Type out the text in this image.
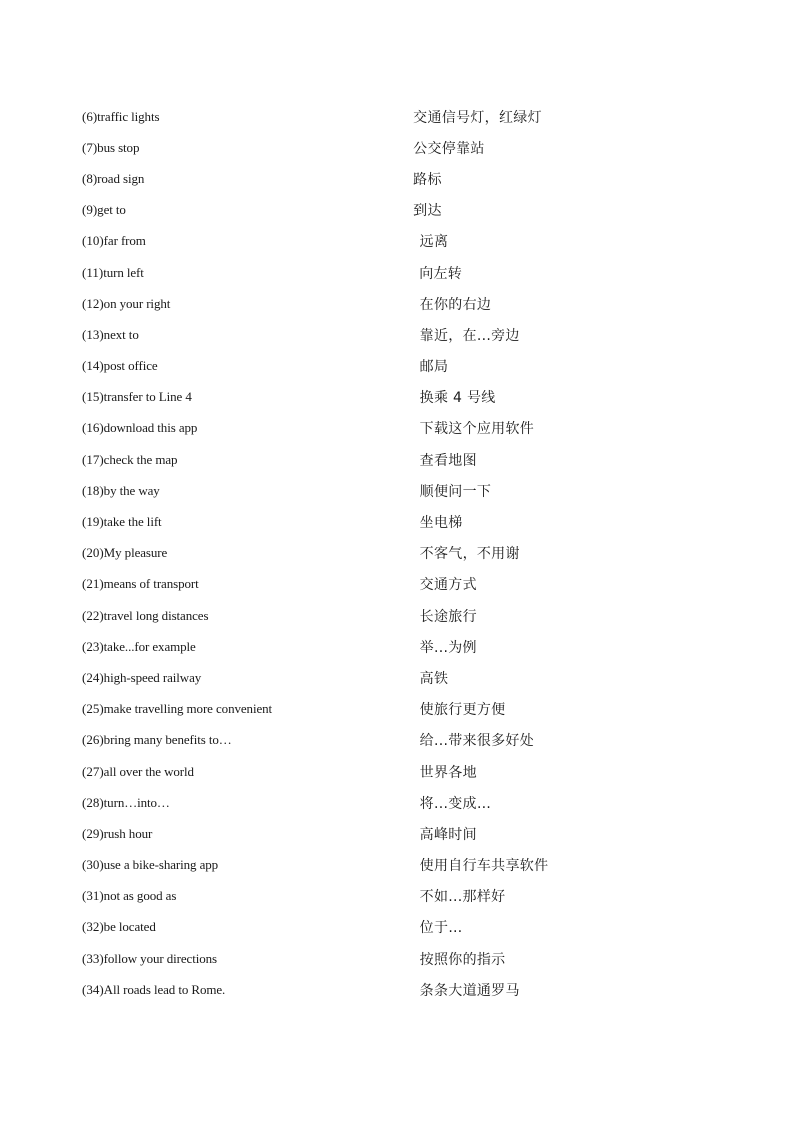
(6) traffic lights	交通信号灯，红绿灯
(7) bus stop	公交停靠站
(8) road sign	路标
(9) get to	到达
(10) far from	远离
(11) turn left	向左转
(12) on your right	在你的右边
(13) next to	靠近，在...旁边
(14) post office	邮局
(15) transfer to Line 4	换乘 4 号线
(16) download this app	下载这个应用软件
(17) check the map	查看地图
(18) by the way	顺便问一下
(19) take the lift	坐电梯
(20) My pleasure	不客气，不用谢
(21) means of transport	交通方式
(22) travel long distances	长途旅行
(23) take...for example	举...为例
(24) high-speed railway	高铁
(25) make travelling more convenient	使旅行更方便
(26) bring many benefits to…	给...带来很多好处
(27) all over the world	世界各地
(28) turn…into…	将...变成…
(29) rush hour	高峰时间
(30) use a bike-sharing app	使用自行车共享软件
(31) not as good as	不如...那样好
(32) be located	位于…
(33) follow your directions	按照你的指示
(34) All roads lead to Rome.	条条大道通罗马
